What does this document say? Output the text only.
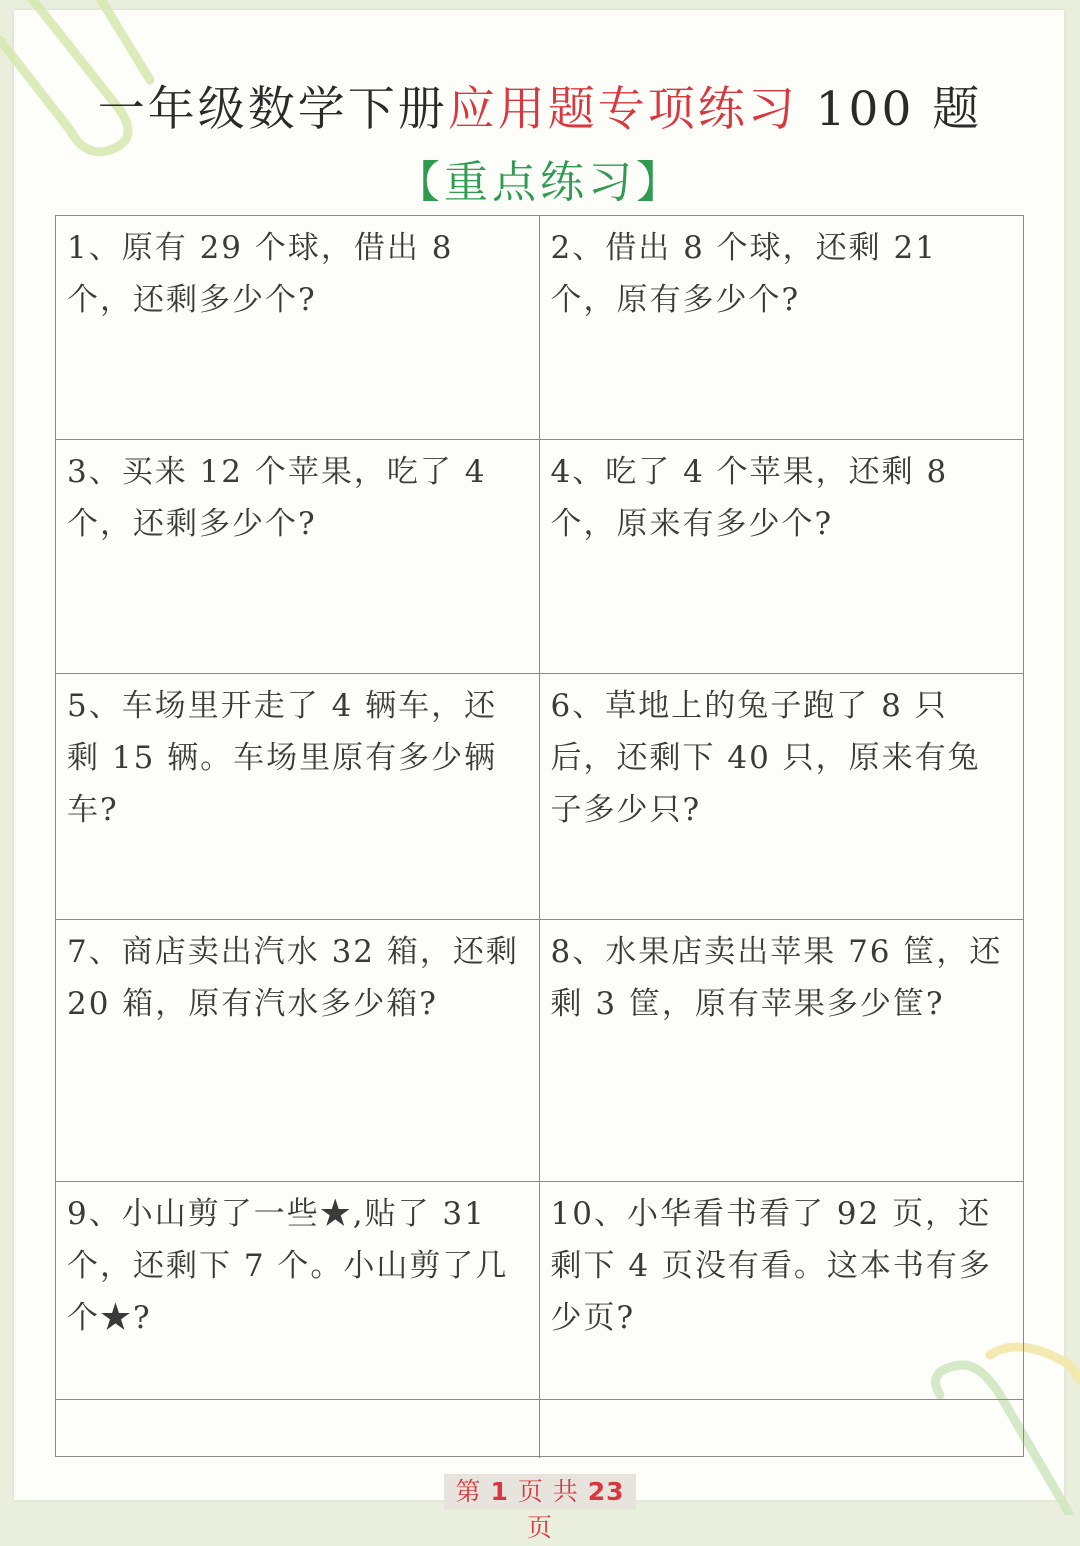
一年级数学下册应用题专项练习 100 题
【重点练习】
1、原有 29 个球，借出 8 个，还剩多少个?
2、借出 8 个球，还剩 21 个，原有多少个?
3、买来 12 个苹果，吃了 4 个，还剩多少个?
4、吃了 4 个苹果，还剩 8 个，原来有多少个?
5、车场里开走了 4 辆车，还剩 15 辆。车场里原有多少辆车?
6、草地上的兔子跑了 8 只后，还剩下 40 只，原来有兔子多少只?
7、商店卖出汽水 32 箱，还剩 20 箱，原有汽水多少箱?
8、水果店卖出苹果 76 筐，还剩 3 筐，原有苹果多少筐?
9、小山剪了一些★,贴了 31 个，还剩下 7 个。小山剪了几个★?
10、小华看书看了 92 页，还剩下 4 页没有看。这本书有多少页?
第 1 页 共 23 页
